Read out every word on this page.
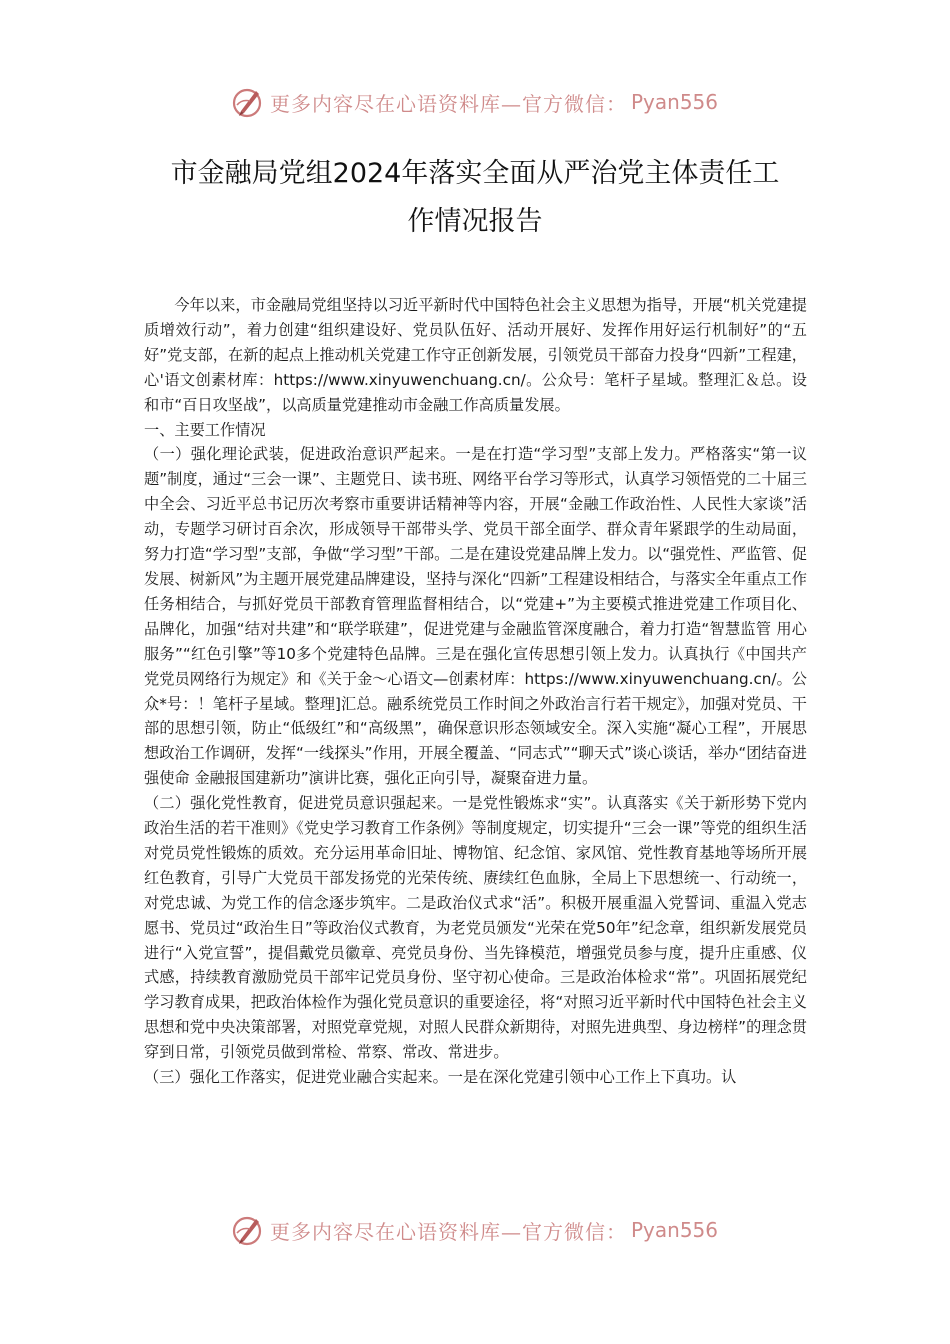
更多内容尽在心语资料库—官方微信： Pyan556
市金融局党组2024年落实全面从严治党主体责任工
作情况报告

今年以来，市金融局党组坚持以习近平新时代中国特色社会主义思想为指导，开展“机关党建提质增效行动”，着力创建“组织建设好、党员队伍好、活动开展好、发挥作用好运行机制好”的“五好”党支部，在新的起点上推动机关党建工作守正创新发展，引领党员干部奋力投身“四新”工程建，心'语文创素材库：https://www.xinyuwenchuang.cn/。公众号：笔杆子星域。整理汇＆总。设和市“百日攻坚战”，以高质量党建推动市金融工作高质量发展。

一、主要工作情况

（一）强化理论武装，促进政治意识严起来。一是在打造“学习型”支部上发力。严格落实“第一议题”制度，通过“三会一课”、主题党日、读书班、网络平台学习等形式，认真学习领悟党的二十届三中全会、习近平总书记历次考察市重要讲话精神等内容，开展“金融工作政治性、人民性大家谈”活动，专题学习研讨百余次，形成领导干部带头学、党员干部全面学、群众青年紧跟学的生动局面，努力打造“学习型”支部，争做“学习型”干部。二是在建设党建品牌上发力。以“强党性、严监管、促发展、树新风”为主题开展党建品牌建设，坚持与深化“四新”工程建设相结合，与落实全年重点工作任务相结合，与抓好党员干部教育管理监督相结合，以“党建+”为主要模式推进党建工作项目化、品牌化，加强“结对共建”和“联学联建”，促进党建与金融监管深度融合，着力打造“智慧监管 用心服务”“红色引擎”等10多个党建特色品牌。三是在强化宣传思想引领上发力。认真执行《中国共产党党员网络行为规定》和《关于金～心语文—创素材库：https://www.xinyuwenchuang.cn/。公众*号：！笔杆子星域。整理]汇总。融系统党员工作时间之外政治言行若干规定》，加强对党员、干部的思想引领，防止“低级红”和“高级黑”，确保意识形态领域安全。深入实施“凝心工程”，开展思想政治工作调研，发挥“一线探头”作用，开展全覆盖、“同志式”“聊天式”谈心谈话，举办“团结奋进强使命 金融报国建新功”演讲比赛，强化正向引导，凝聚奋进力量。

（二）强化党性教育，促进党员意识强起来。一是党性锻炼求“实”。认真落实《关于新形势下党内政治生活的若干准则》《党史学习教育工作条例》等制度规定，切实提升“三会一课”等党的组织生活对党员党性锻炼的质效。充分运用革命旧址、博物馆、纪念馆、家风馆、党性教育基地等场所开展红色教育，引导广大党员干部发扬党的光荣传统、赓续红色血脉，全局上下思想统一、行动统一，对党忠诚、为党工作的信念逐步筑牢。二是政治仪式求“活”。积极开展重温入党誓词、重温入党志愿书、党员过“政治生日”等政治仪式教育，为老党员颁发“光荣在党50年”纪念章，组织新发展党员进行“入党宣誓”，提倡戴党员徽章、亮党员身份、当先锋模范，增强党员参与度，提升庄重感、仪式感，持续教育激励党员干部牢记党员身份、坚守初心使命。三是政治体检求“常”。巩固拓展党纪学习教育成果，把政治体检作为强化党员意识的重要途径，将“对照习近平新时代中国特色社会主义思想和党中央决策部署，对照党章党规，对照人民群众新期待，对照先进典型、身边榜样”的理念贯穿到日常，引领党员做到常检、常察、常改、常进步。

（三）强化工作落实，促进党业融合实起来。一是在深化党建引领中心工作上下真功。认

更多内容尽在心语资料库—官方微信： Pyan556
